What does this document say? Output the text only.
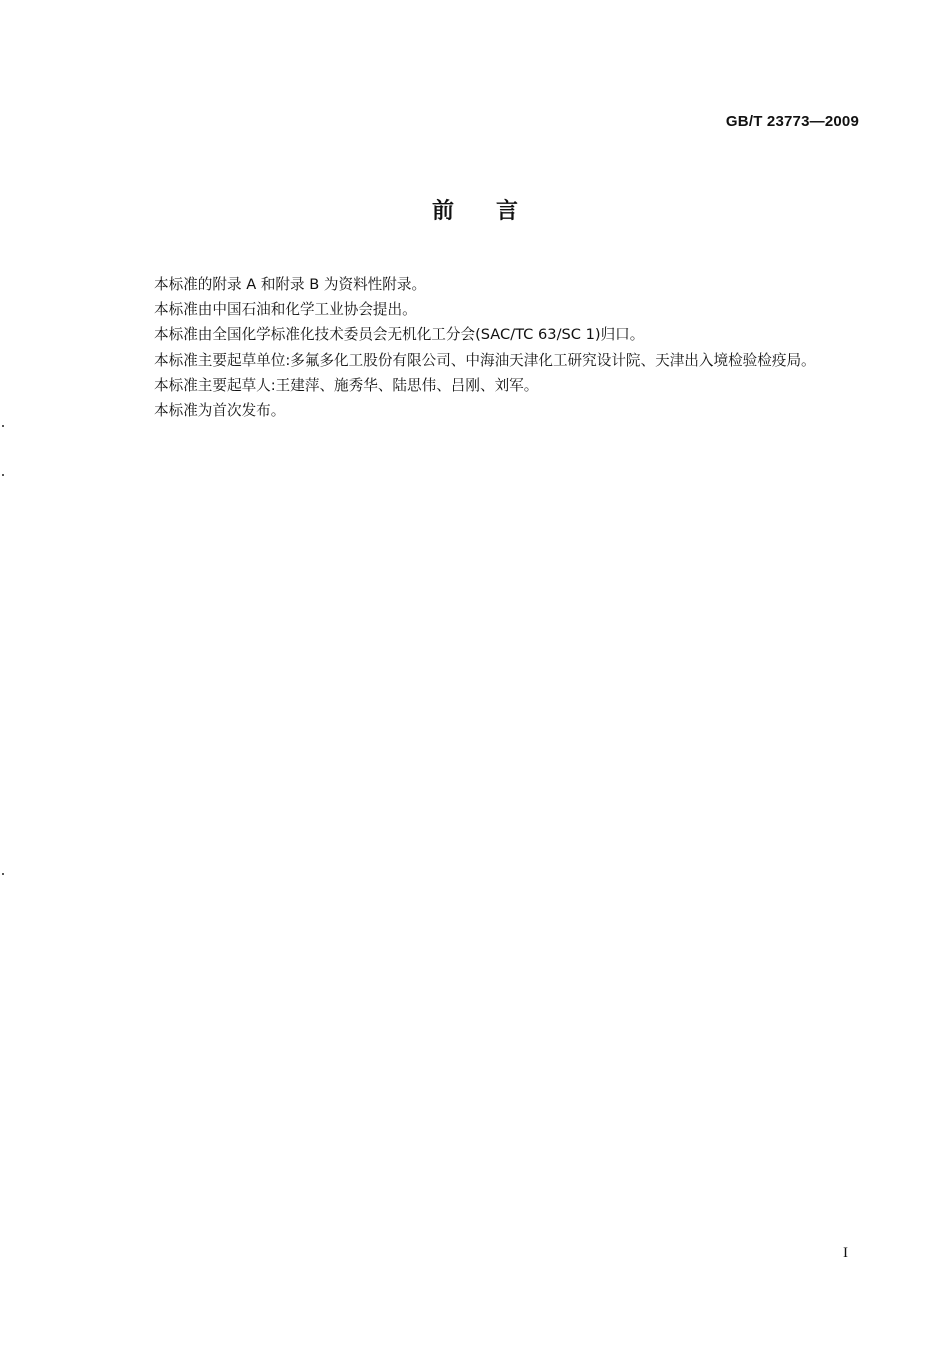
GB/T 23773—2009
前言

本标准的附录 A 和附录 B 为资料性附录。

本标准由中国石油和化学工业协会提出。

本标准由全国化学标准化技术委员会无机化工分会(SAC/TC 63/SC 1)归口。

本标准主要起草单位:多氟多化工股份有限公司、中海油天津化工研究设计院、天津出入境检验检疫局。

本标准主要起草人:王建萍、施秀华、陆思伟、吕刚、刘军。

本标准为首次发布。

I
